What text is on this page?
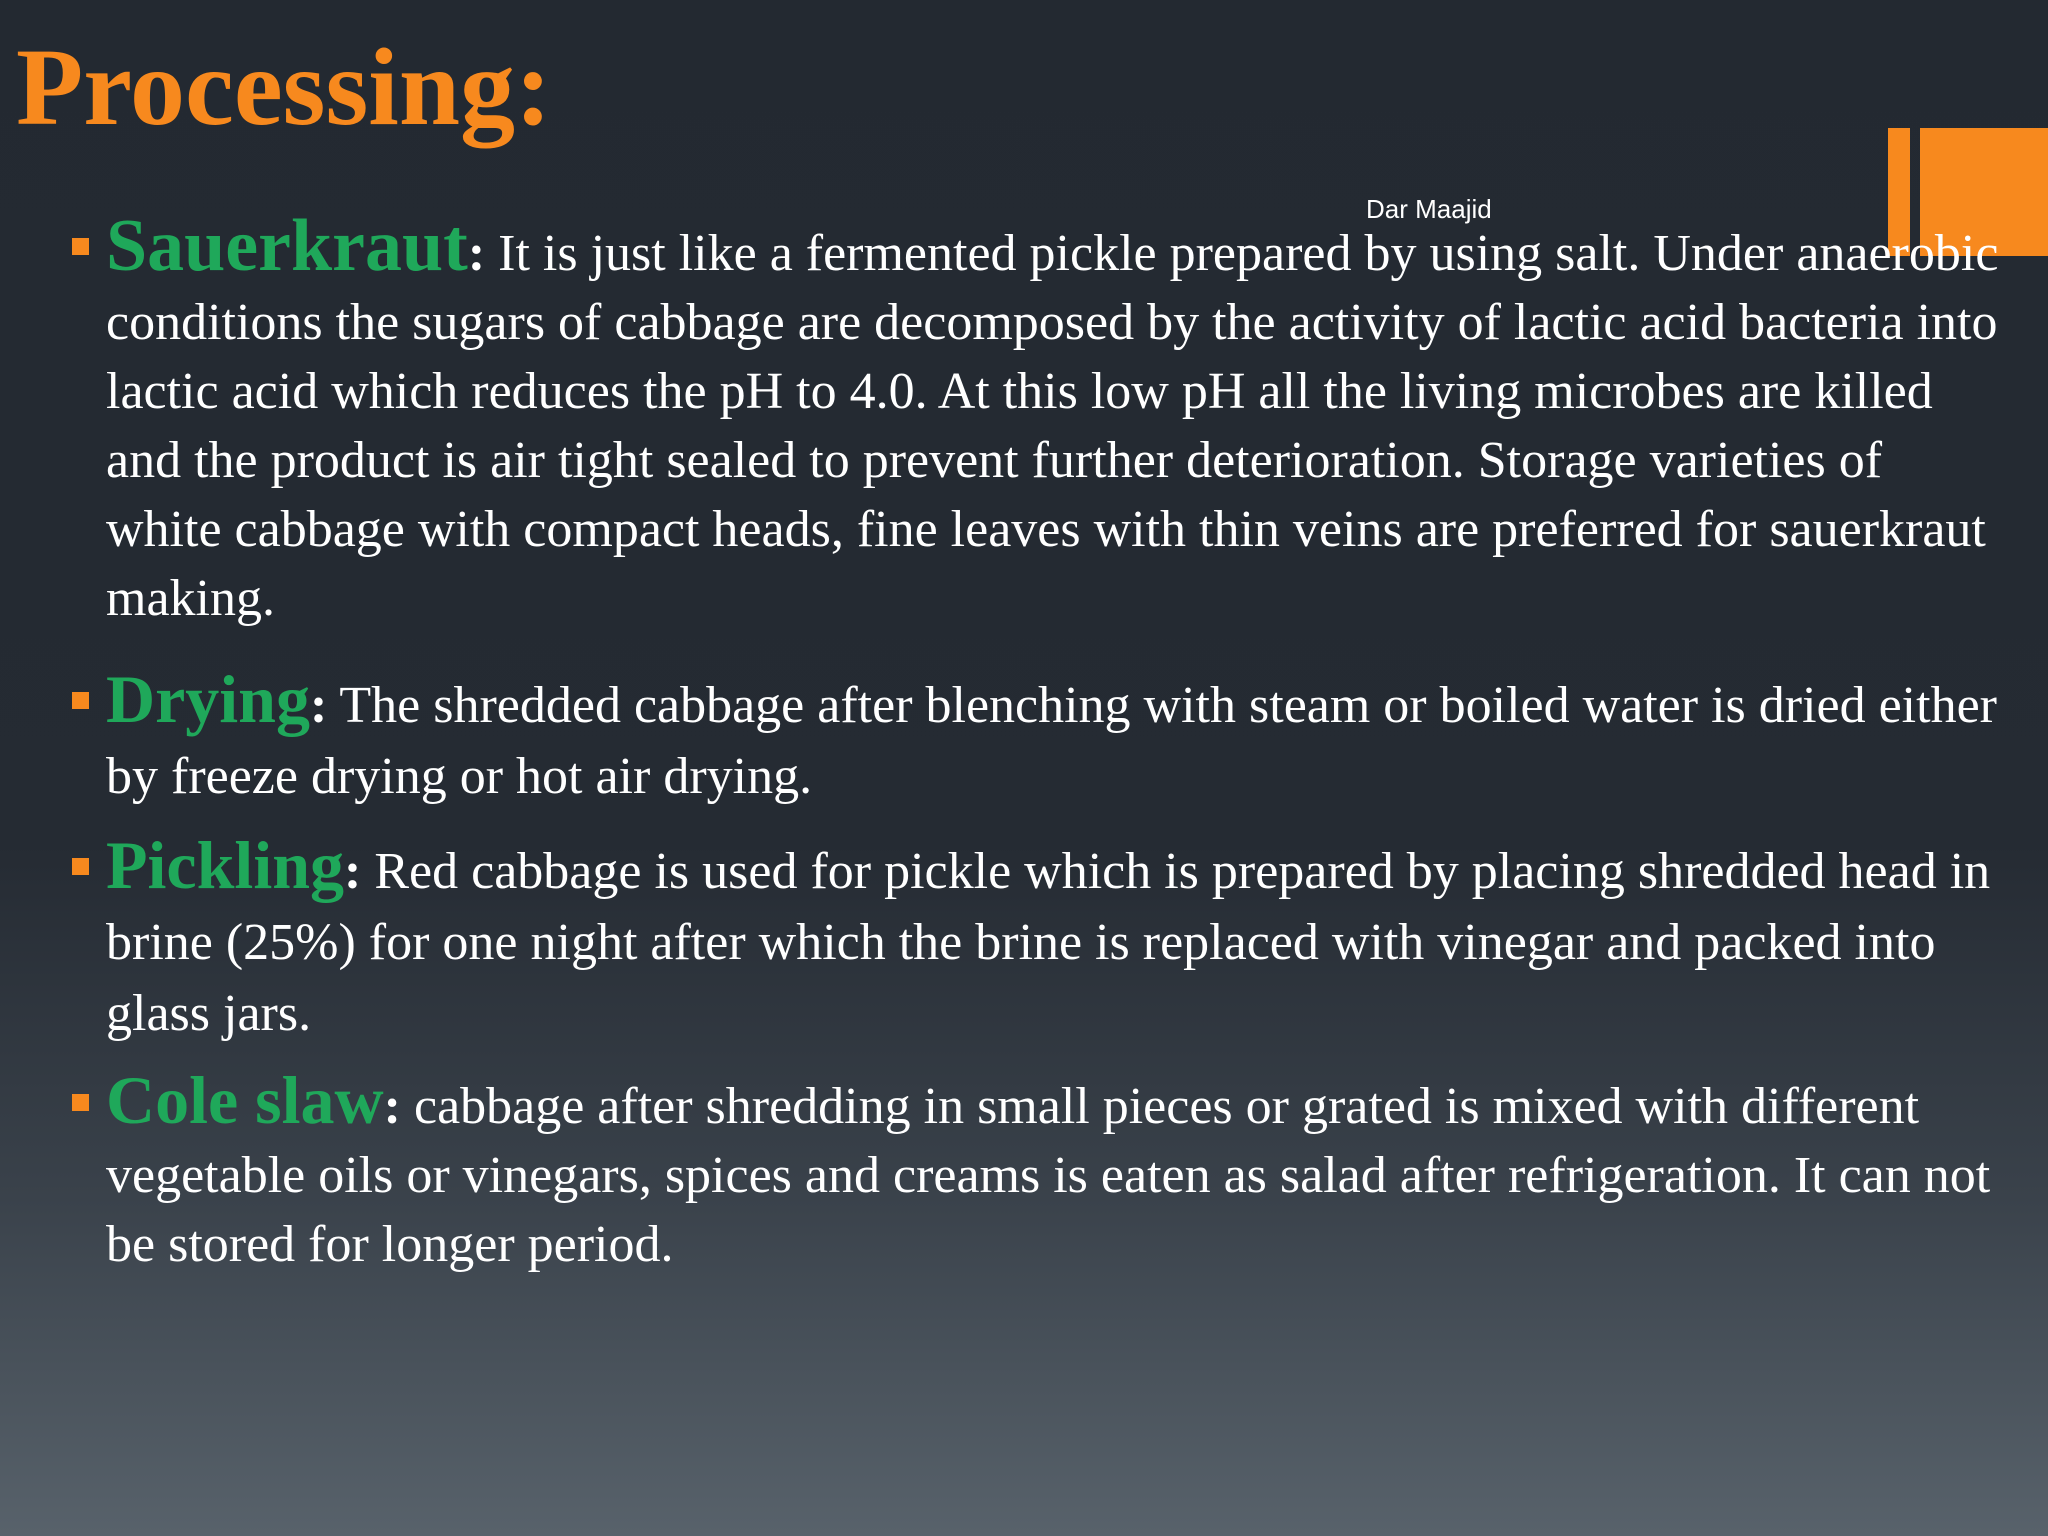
Processing:
Dar Maajid
Sauerkraut: It is just like a fermented pickle prepared by using salt. Under anaerobic conditions the sugars of cabbage are decomposed by the activity of lactic acid bacteria into lactic acid which reduces the pH to 4.0. At this low pH all the living microbes are killed and the product is air tight sealed to prevent further deterioration. Storage varieties of white cabbage with compact heads, fine leaves with thin veins are preferred for sauerkraut making.
Drying: The shredded cabbage after blenching with steam or boiled water is dried either by freeze drying or hot air drying.
Pickling: Red cabbage is used for pickle which is prepared by placing shredded head in brine (25%) for one night after which the brine is replaced with vinegar and packed into glass jars.
Cole slaw: cabbage after shredding in small pieces or grated is mixed with different vegetable oils or vinegars, spices and creams is eaten as salad after refrigeration. It can not be stored for longer period.
